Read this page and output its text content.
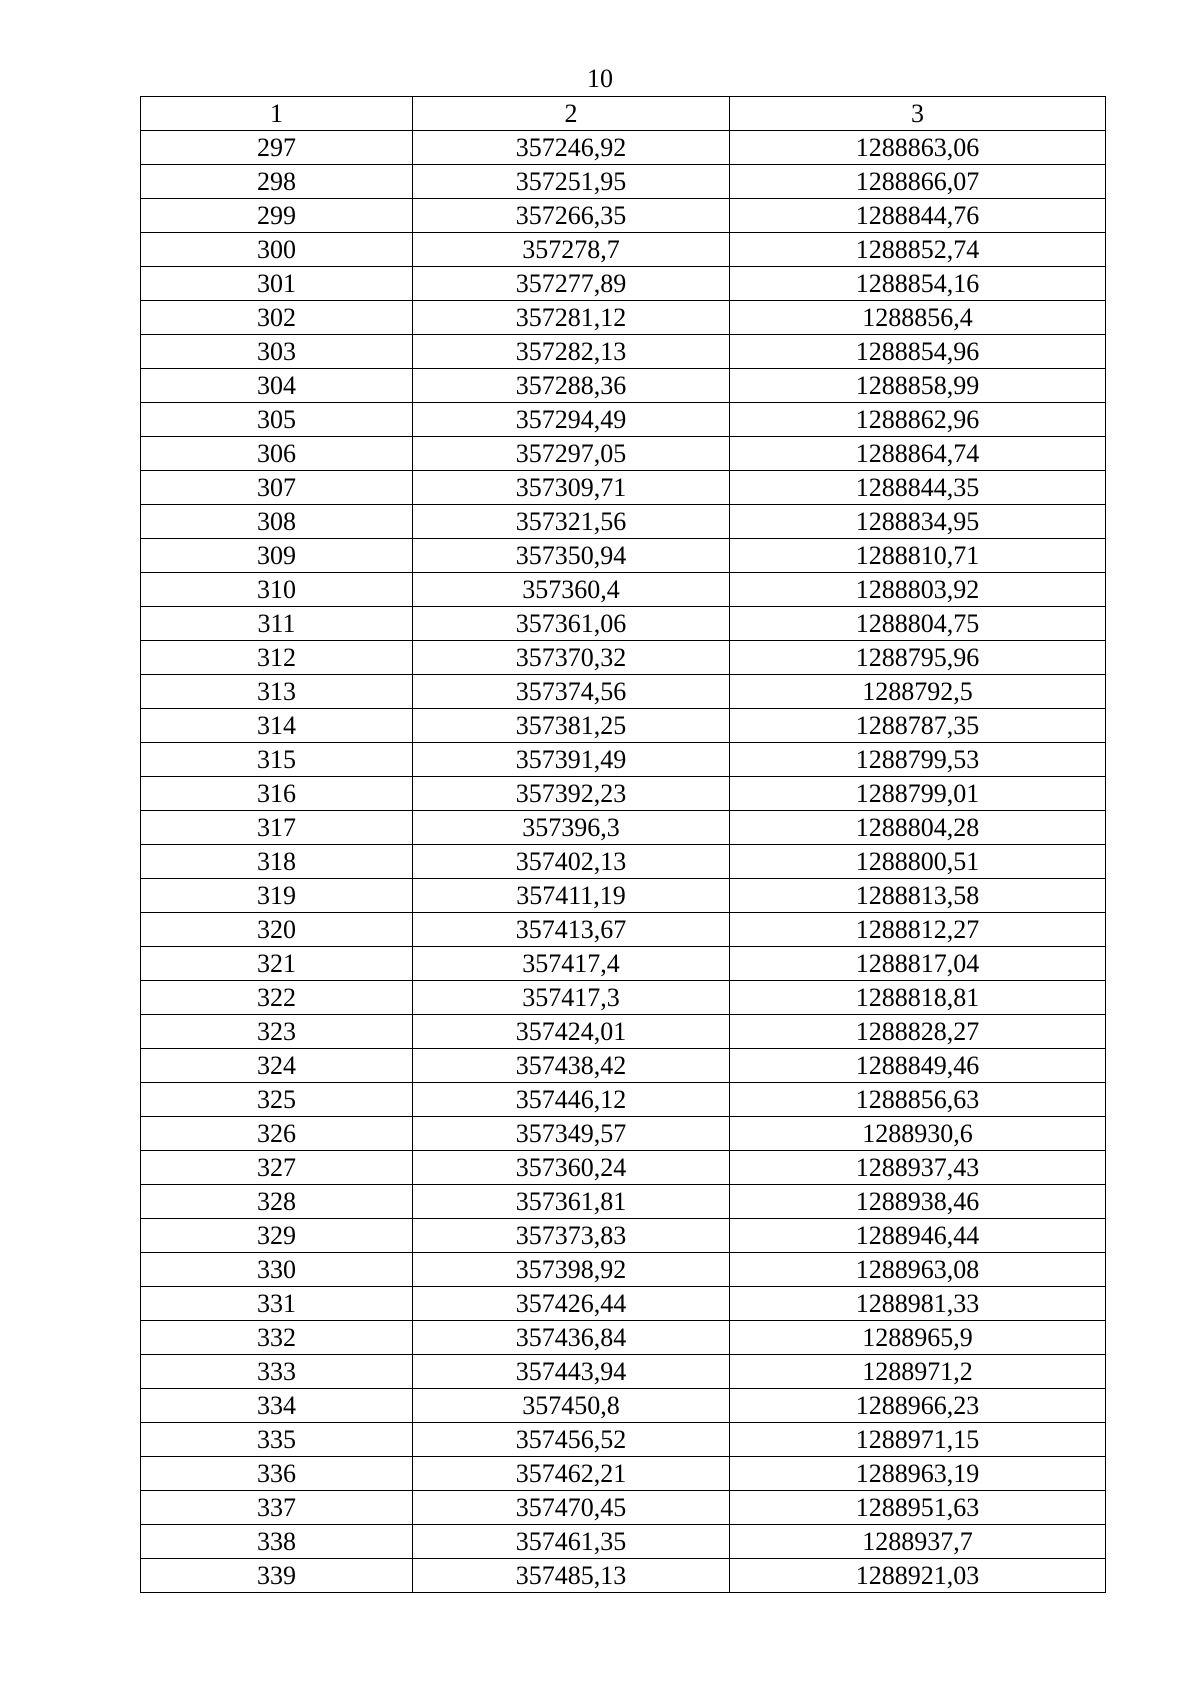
10
1	2	3
297	357246,92	1288863,06
298	357251,95	1288866,07
299	357266,35	1288844,76
300	357278,7	1288852,74
301	357277,89	1288854,16
302	357281,12	1288856,4
303	357282,13	1288854,96
304	357288,36	1288858,99
305	357294,49	1288862,96
306	357297,05	1288864,74
307	357309,71	1288844,35
308	357321,56	1288834,95
309	357350,94	1288810,71
310	357360,4	1288803,92
311	357361,06	1288804,75
312	357370,32	1288795,96
313	357374,56	1288792,5
314	357381,25	1288787,35
315	357391,49	1288799,53
316	357392,23	1288799,01
317	357396,3	1288804,28
318	357402,13	1288800,51
319	357411,19	1288813,58
320	357413,67	1288812,27
321	357417,4	1288817,04
322	357417,3	1288818,81
323	357424,01	1288828,27
324	357438,42	1288849,46
325	357446,12	1288856,63
326	357349,57	1288930,6
327	357360,24	1288937,43
328	357361,81	1288938,46
329	357373,83	1288946,44
330	357398,92	1288963,08
331	357426,44	1288981,33
332	357436,84	1288965,9
333	357443,94	1288971,2
334	357450,8	1288966,23
335	357456,52	1288971,15
336	357462,21	1288963,19
337	357470,45	1288951,63
338	357461,35	1288937,7
339	357485,13	1288921,03
